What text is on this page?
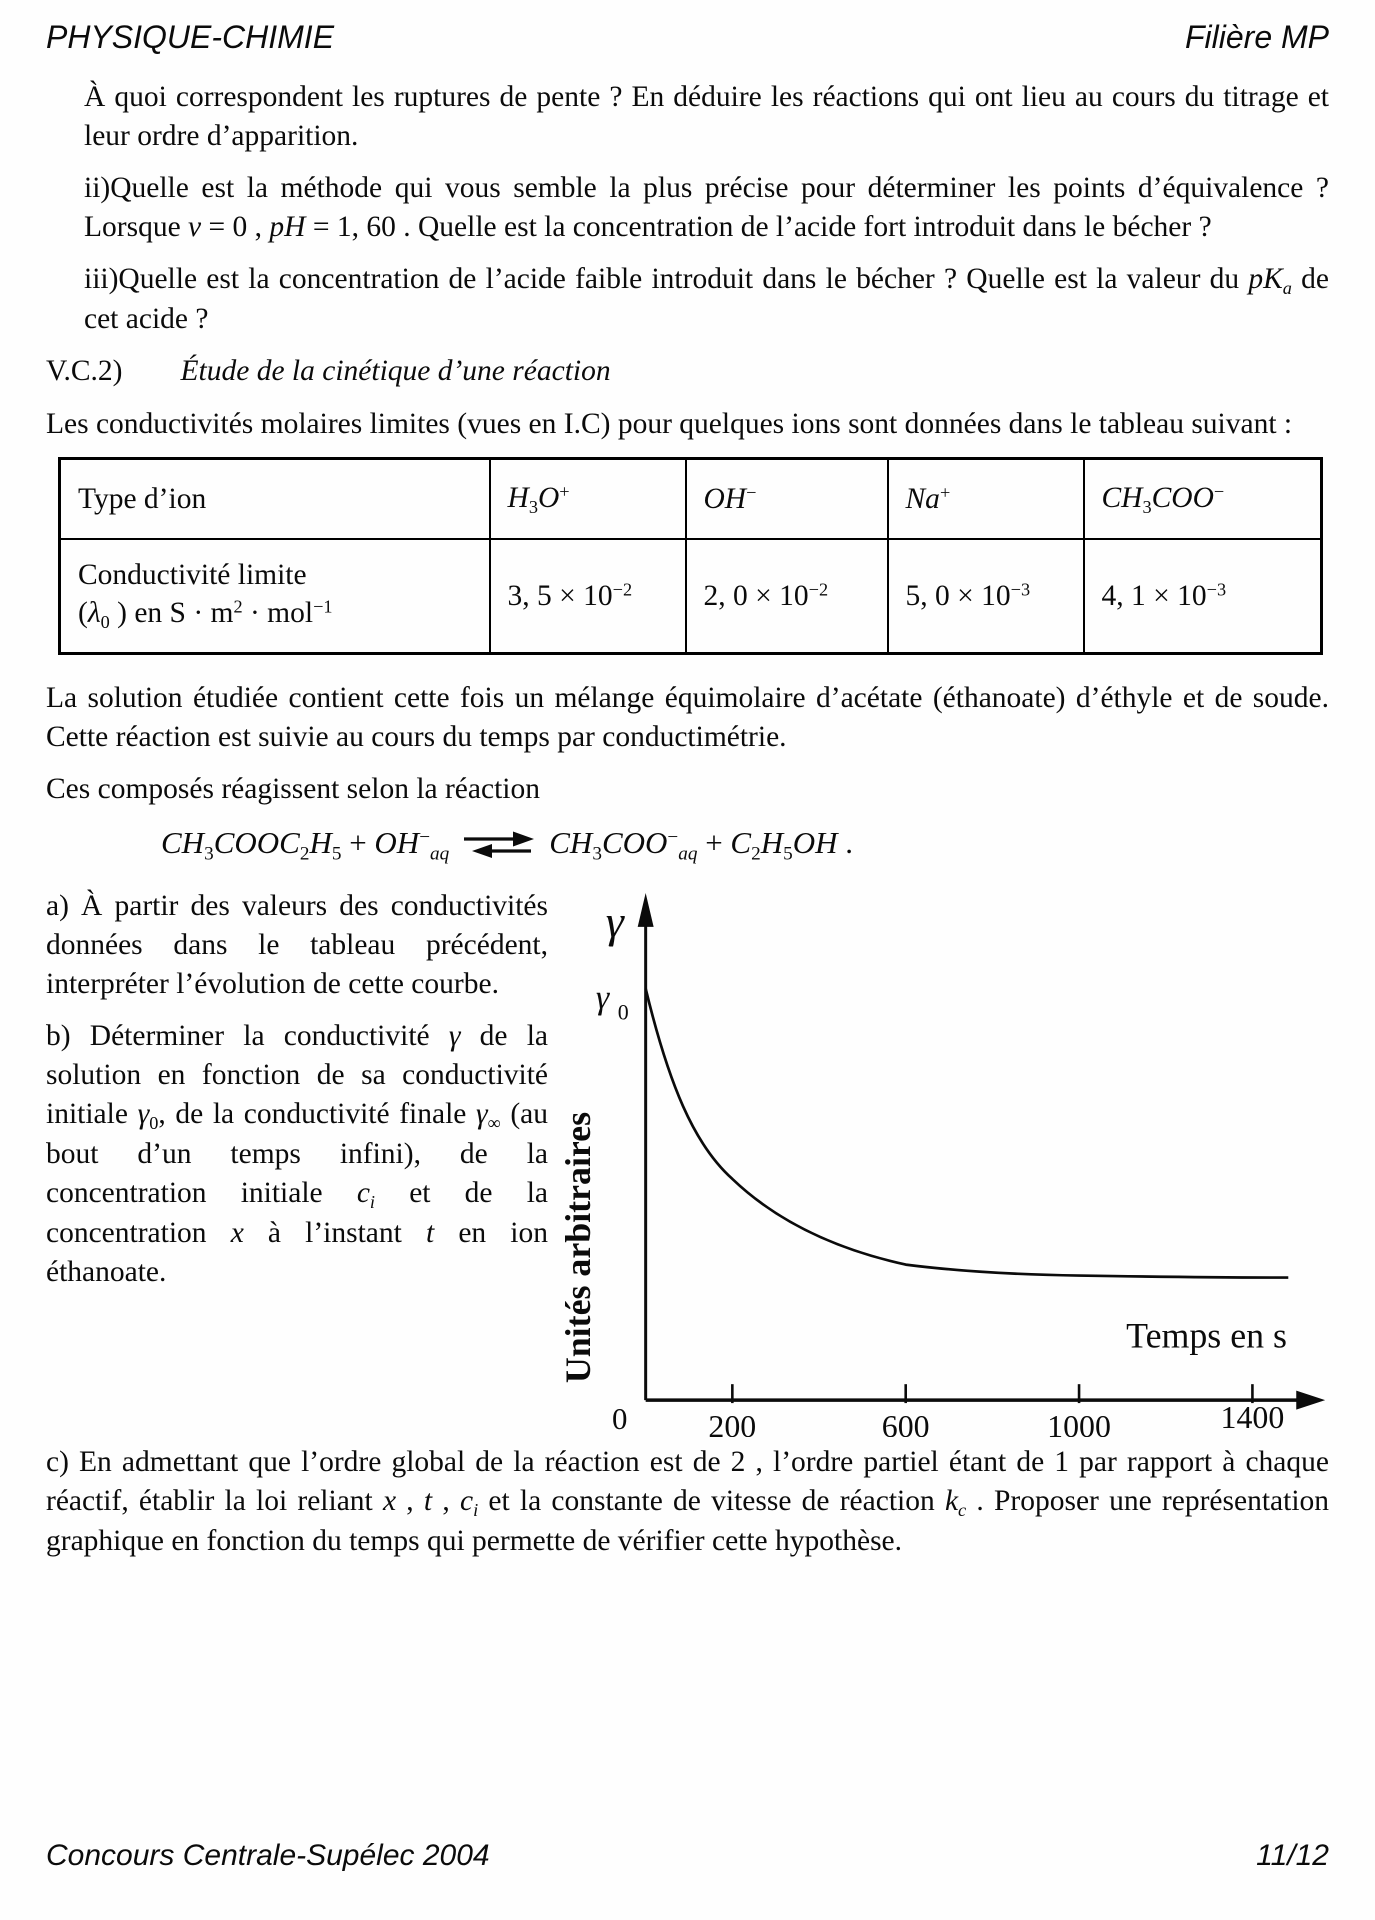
PHYSIQUE-CHIMIE	Filière MP

À quoi correspondent les ruptures de pente ? En déduire les réactions qui ont lieu au cours du titrage et leur ordre d’apparition.

ii)Quelle est la méthode qui vous semble la plus précise pour déterminer les points d’équivalence ? Lorsque v = 0 , pH = 1, 60 . Quelle est la concentration de l’acide fort introduit dans le bécher ?

iii)Quelle est la concentration de l’acide faible introduit dans le bécher ? Quelle est la valeur du $pK_a$ de cet acide ?

V.C.2) Étude de la cinétique d’une réaction

Les conductivités molaires limites (vues en I.C) pour quelques ions sont données dans le tableau suivant :

Type d’ion	$H_3O^+$	OH−	Na+	$CH_3COO^-$

Conductivité limite
($\lambda_0$ ) en $S \cdot m^2 \cdot mol^{-1}$	3, $5 \times 10^{-2}$	2, $0 \times 10^{-2}$	5, $0 \times 10^{-3}$	4, $1 \times 10^{-3}$

La solution étudiée contient cette fois un mélange équimolaire d’acétate (éthanoate) d’éthyle et de soude. Cette réaction est suivie au cours du temps par conductimétrie.

Ces composés réagissent selon la réaction

$CH_3COOC_2H_5 + OH^-_{aq}$ ⇌ $CH_3COO^-_{aq} + C_2H_5OH$ .

a) À partir des valeurs des conductivités données dans le tableau précédent, interpréter l’évolution de cette courbe.

b) Déterminer la conductivité γ de la solution en fonction de sa conductivité initiale $\gamma_0$, de la conductivité finale $\gamma_\infty$ (au bout d’un temps infini), de la concentration initiale $c_i$ et de la concentration x à l’instant t en ion éthanoate.

γ
γ 0
0	200	600	1000	1400
Temps en s
Unités arbitraires

c) En admettant que l’ordre global de la réaction est de 2 , l’ordre partiel étant de 1 par rapport à chaque réactif, établir la loi reliant x , t , $c_i$ et la constante de vitesse de réaction $k_c$ . Proposer une représentation graphique en fonction du temps qui permette de vérifier cette hypothèse.

Concours Centrale-Supélec 2004	11/12
